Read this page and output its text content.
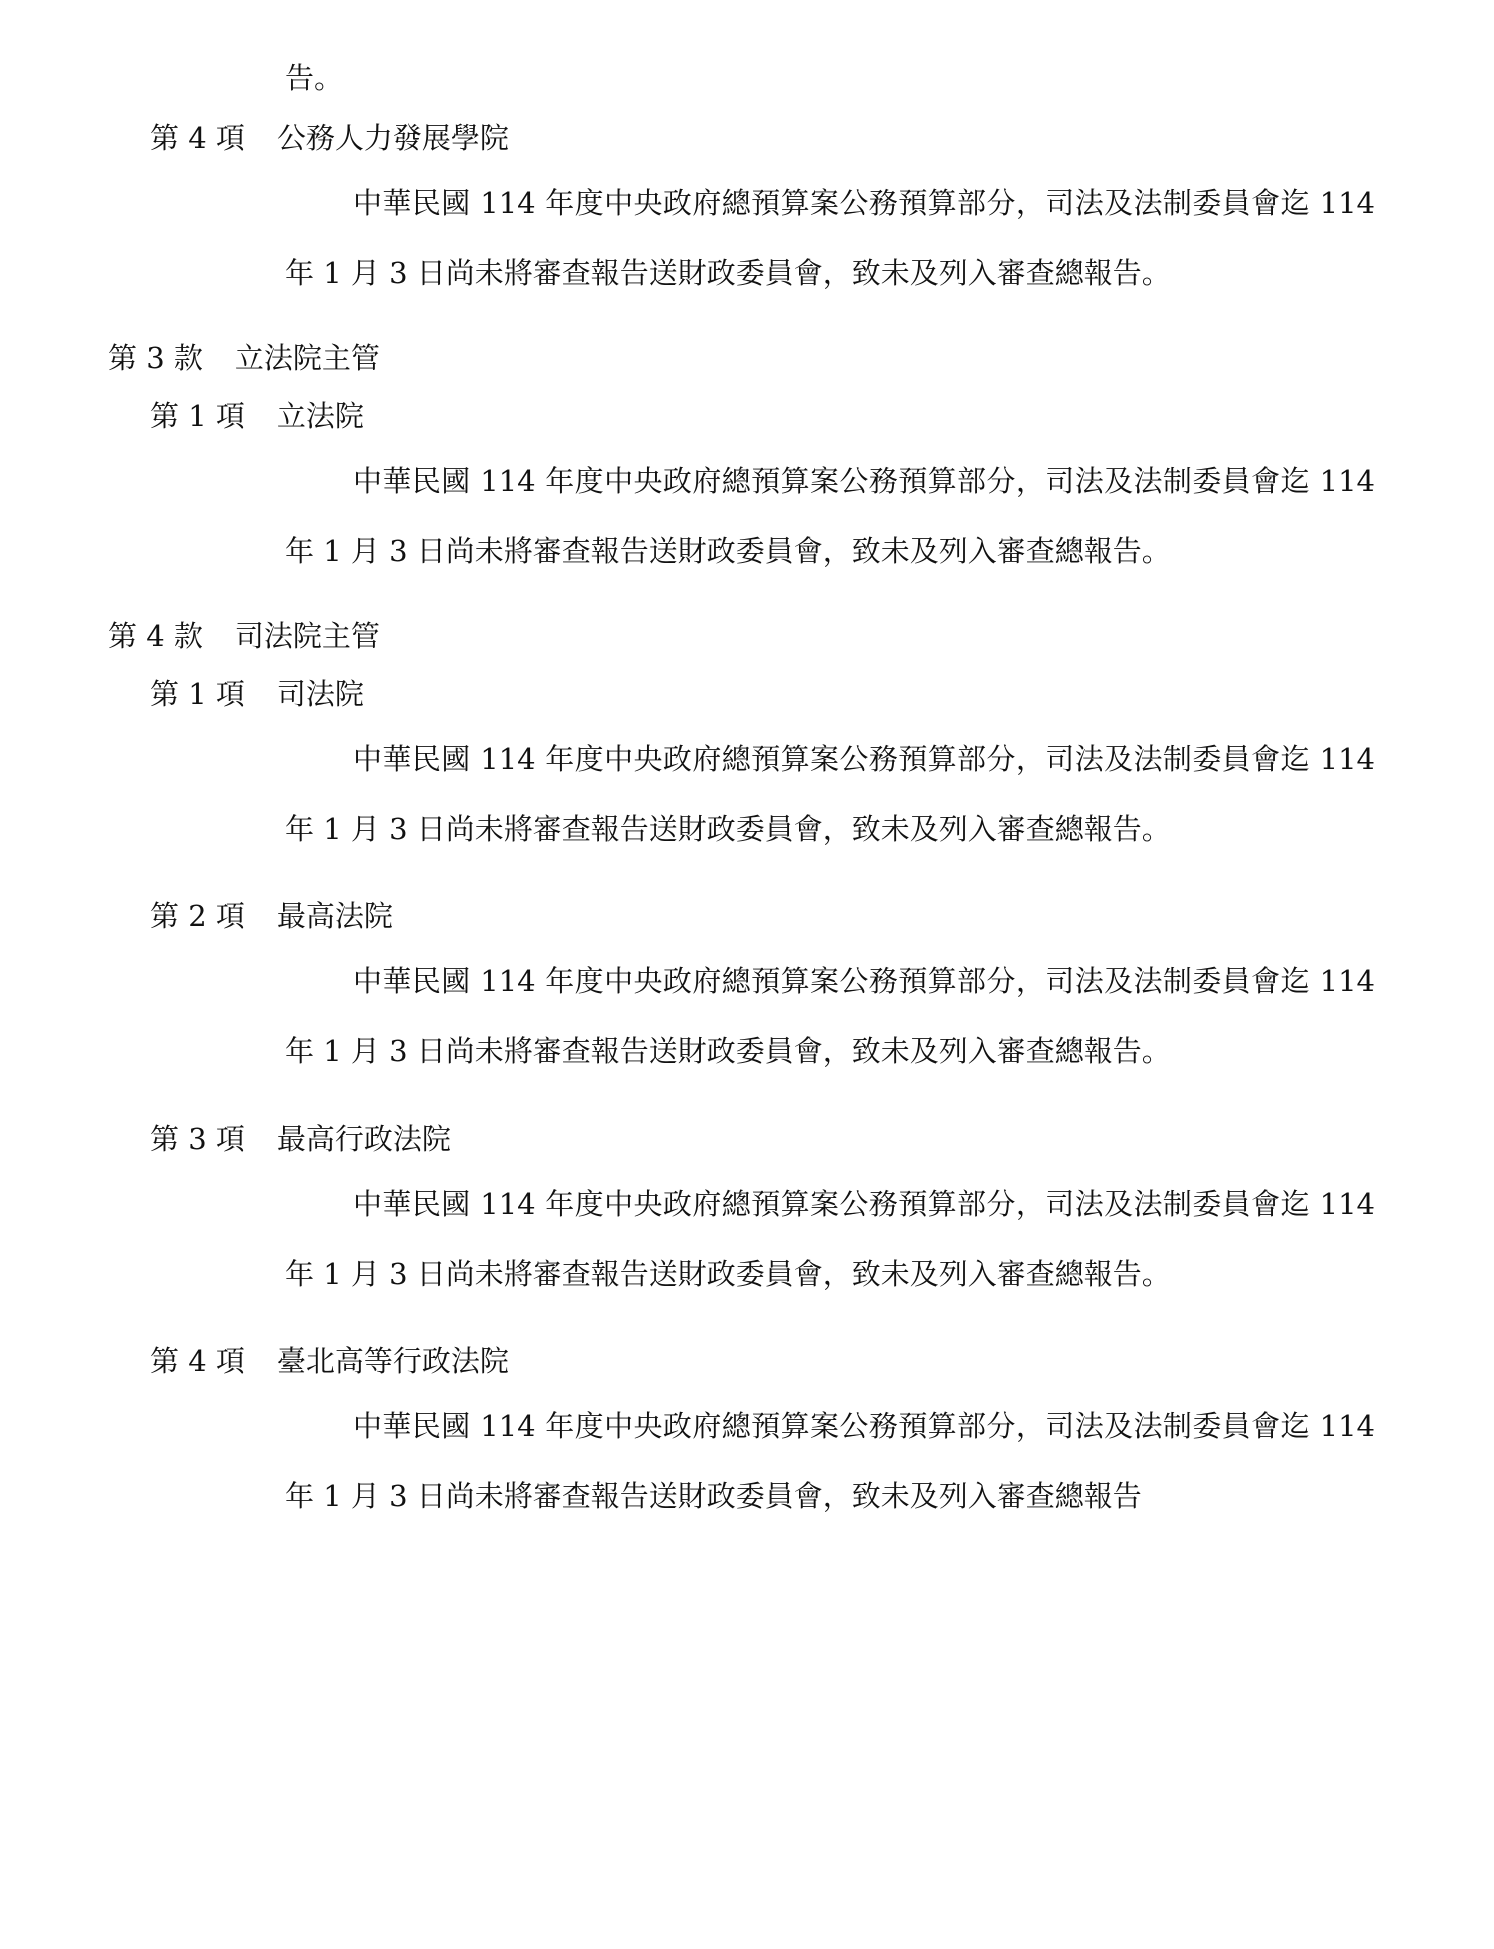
告。
第 4 項 公務人力發展學院
中華民國 114 年度中央政府總預算案公務預算部分，司法及法制委員會迄 114 年 1 月 3 日尚未將審查報告送財政委員會，致未及列入審查總報告。
第 3 款 立法院主管
第 1 項 立法院
中華民國 114 年度中央政府總預算案公務預算部分，司法及法制委員會迄 114 年 1 月 3 日尚未將審查報告送財政委員會，致未及列入審查總報告。
第 4 款 司法院主管
第 1 項 司法院
中華民國 114 年度中央政府總預算案公務預算部分，司法及法制委員會迄 114 年 1 月 3 日尚未將審查報告送財政委員會，致未及列入審查總報告。
第 2 項 最高法院
中華民國 114 年度中央政府總預算案公務預算部分，司法及法制委員會迄 114 年 1 月 3 日尚未將審查報告送財政委員會，致未及列入審查總報告。
第 3 項 最高行政法院
中華民國 114 年度中央政府總預算案公務預算部分，司法及法制委員會迄 114 年 1 月 3 日尚未將審查報告送財政委員會，致未及列入審查總報告。
第 4 項 臺北高等行政法院
中華民國 114 年度中央政府總預算案公務預算部分，司法及法制委員會迄 114 年 1 月 3 日尚未將審查報告送財政委員會，致未及列入審查總報告
